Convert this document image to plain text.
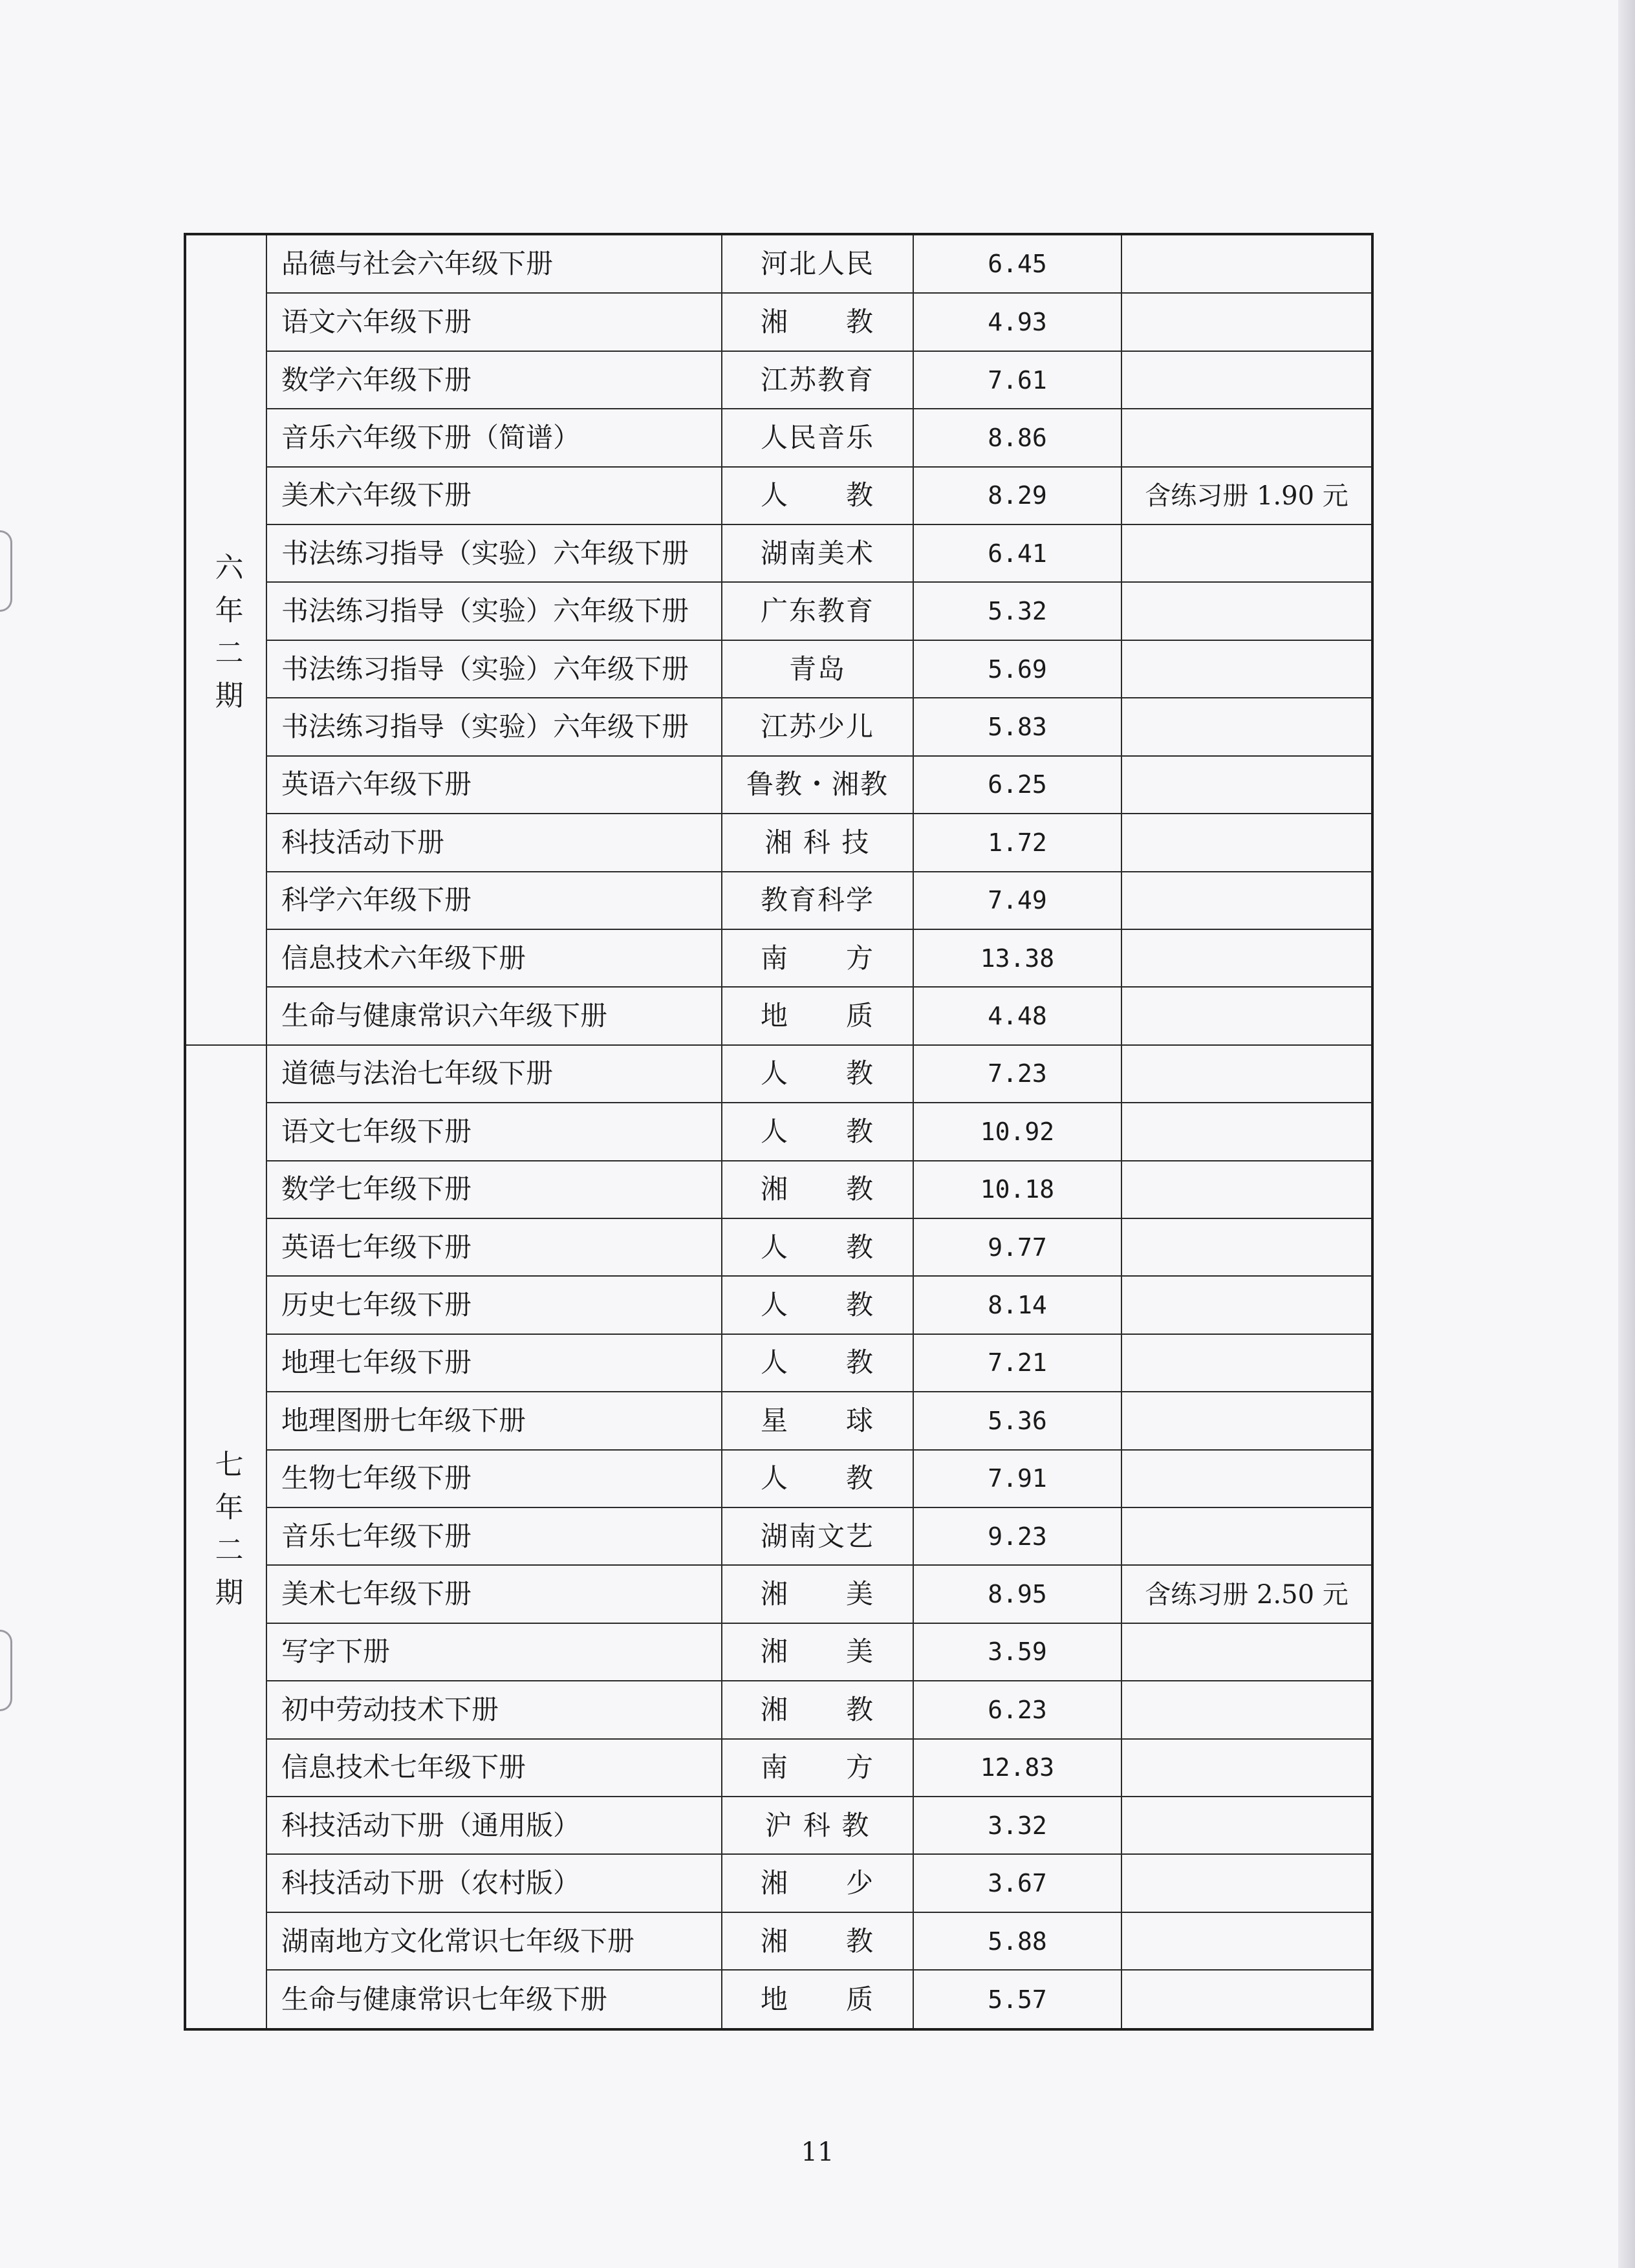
六年二期	品德与社会六年级下册	河北人民	6.45	
	语文六年级下册	湘　　教	4.93	
	数学六年级下册	江苏教育	7.61	
	音乐六年级下册（简谱）	人民音乐	8.86	
	美术六年级下册	人　　教	8.29	含练习册 1.90 元
	书法练习指导（实验）六年级下册	湖南美术	6.41	
	书法练习指导（实验）六年级下册	广东教育	5.32	
	书法练习指导（实验）六年级下册	青岛	5.69	
	书法练习指导（实验）六年级下册	江苏少儿	5.83	
	英语六年级下册	鲁教・湘教	6.25	
	科技活动下册	湘 科 技	1.72	
	科学六年级下册	教育科学	7.49	
	信息技术六年级下册	南　　方	13.38	
	生命与健康常识六年级下册	地　　质	4.48	
七年二期	道德与法治七年级下册	人　　教	7.23	
	语文七年级下册	人　　教	10.92	
	数学七年级下册	湘　　教	10.18	
	英语七年级下册	人　　教	9.77	
	历史七年级下册	人　　教	8.14	
	地理七年级下册	人　　教	7.21	
	地理图册七年级下册	星　　球	5.36	
	生物七年级下册	人　　教	7.91	
	音乐七年级下册	湖南文艺	9.23	
	美术七年级下册	湘　　美	8.95	含练习册 2.50 元
	写字下册	湘　　美	3.59	
	初中劳动技术下册	湘　　教	6.23	
	信息技术七年级下册	南　　方	12.83	
	科技活动下册（通用版）	沪 科 教	3.32	
	科技活动下册（农村版）	湘　　少	3.67	
	湖南地方文化常识七年级下册	湘　　教	5.88	
	生命与健康常识七年级下册	地　　质	5.57	
11
